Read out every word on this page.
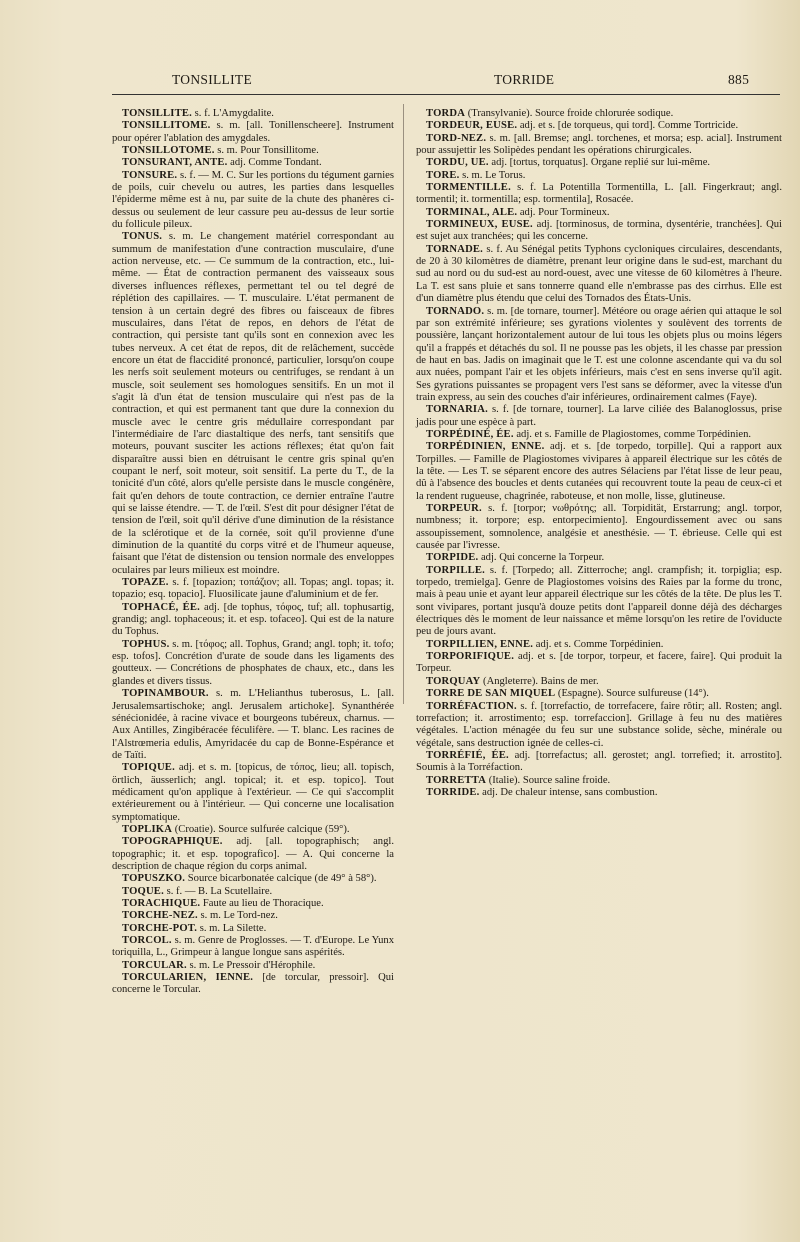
TONSILLITE	TORRIDE	885

TONSILLITE. s. f. L'Amygdalite.

TONSILLITOME. s. m. [all. Tonillenscheere]. Instrument pour opérer l'ablation des amygdales.

TONSILLOTOME. s. m. Pour Tonsillitome.

TONSURANT, ANTE. adj. Comme Tondant.

TONSURE. s. f. — M. C. Sur les portions du tégument garnies de poils, cuir chevelu ou autres, les parties dans lesquelles l'épiderme même est à nu, par suite de la chute des phanères ci-dessus ou seulement de leur cassure peu au-dessus de leur sortie du follicule pileux.

TONUS. s. m. Le changement matériel correspondant au summum de manifestation d'une contraction musculaire, d'une action nerveuse, etc. — Ce summum de la contraction, etc., lui-même. — État de contraction permanent des vaisseaux sous diverses influences réflexes, permettant tel ou tel degré de réplétion des capillaires. — T. musculaire. L'état permanent de tension à un certain degré des fibres ou faisceaux de fibres musculaires, dans l'état de repos, en dehors de l'état de contraction, qui persiste tant qu'ils sont en connexion avec les tubes nerveux. A cet état de repos, dit de relâchement, succède encore un état de flaccidité prononcé, particulier, lorsqu'on coupe les nerfs soit seulement moteurs ou centrifuges, se rendant à un muscle, soit seulement ses homologues sensitifs. En un mot il s'agit là d'un état de tension musculaire qui n'est pas de la contraction, et qui est permanent tant que dure la connexion du muscle avec le centre gris médullaire correspondant par l'intermédiaire de l'arc diastaltique des nerfs, tant sensitifs que moteurs, pouvant susciter les actions réflexes; état qu'on fait disparaître aussi bien en détruisant le centre gris spinal qu'en coupant le nerf, soit moteur, soit sensitif. La perte du T., de la tonicité d'un côté, alors qu'elle persiste dans le muscle congénère, fait qu'en dehors de toute contraction, ce dernier entraîne l'autre qui se laisse étendre. — T. de l'œil. S'est dit pour désigner l'état de tension de l'œil, soit qu'il dérive d'une diminution de la résistance de la sclérotique et de la cornée, soit qu'il provienne d'une diminution de la quantité du corps vitré et de l'humeur aqueuse, faisant que l'état de distension ou tension normale des enveloppes oculaires par leurs milieux est moindre.

TOPAZE. s. f. [topazion; τοπάζιον; all. Topas; angl. topas; it. topazio; esq. topacio]. Fluosilicate jaune d'aluminium et de fer.

TOPHACÉ, ÉE. adj. [de tophus, τόφος, tuf; all. tophusartig, grandig; angl. tophaceous; it. et esp. tofaceo]. Qui est de la nature du Tophus.

TOPHUS. s. m. [τόφος; all. Tophus, Grand; angl. toph; it. tofo; esp. tofos]. Concrétion d'urate de soude dans les ligaments des goutteux. — Concrétions de phosphates de chaux, etc., dans les glandes et divers tissus.

TOPINAMBOUR. s. m. L'Helianthus tuberosus, L. [all. Jerusalemsartischoke; angl. Jerusalem artichoke]. Synanthérée sénécionidée, à racine vivace et bourgeons tubéreux, charnus. — Aux Antilles, Zingibéracée féculifère. — T. blanc. Les racines de l'Alstrœmeria edulis, Amyridacée du cap de Bonne-Espérance et de Taïti.

TOPIQUE. adj. et s. m. [topicus, de τόπος, lieu; all. topisch, örtlich, äusserlich; angl. topical; it. et esp. topico]. Tout médicament qu'on applique à l'extérieur. — Ce qui s'accomplit extérieurement ou à l'intérieur. — Qui concerne une localisation symptomatique.

TOPLIKA (Croatie). Source sulfurée calcique (59°).

TOPOGRAPHIQUE. adj. [all. topographisch; angl. topographic; it. et esp. topografico]. — A. Qui concerne la description de chaque région du corps animal.

TOPUSZKO. Source bicarbonatée calcique (de 49° à 58°).

TOQUE. s. f. — B. La Scutellaire.

TORACHIQUE. Faute au lieu de Thoracique.

TORCHE-NEZ. s. m. Le Tord-nez.

TORCHE-POT. s. m. La Silette.

TORCOL. s. m. Genre de Proglosses. — T. d'Europe. Le Yunx toriquilla, L., Grimpeur à langue longue sans aspérités.

TORCULAR. s. m. Le Pressoir d'Hérophile.

TORCULARIEN, IENNE. [de torcular, pressoir]. Qui concerne le Torcular.

TORDA (Transylvanie). Source froide chlorurée sodique.

TORDEUR, EUSE. adj. et s. [de torqueus, qui tord]. Comme Tortricide.

TORD-NEZ. s. m. [all. Bremse; angl. torchenes, et morsa; esp. acial]. Instrument pour assujettir les Solipèdes pendant les opérations chirurgicales.

TORDU, UE. adj. [tortus, torquatus]. Organe replié sur lui-même.

TORE. s. m. Le Torus.

TORMENTILLE. s. f. La Potentilla Tormentilla, L. [all. Fingerkraut; angl. tormentil; it. tormentilla; esp. tormentila], Rosacée.

TORMINAL, ALE. adj. Pour Tormineux.

TORMINEUX, EUSE. adj. [torminosus, de tormina, dysentérie, tranchées]. Qui est sujet aux tranchées; qui les concerne.

TORNADE. s. f. Au Sénégal petits Typhons cycloniques circulaires, descendants, de 20 à 30 kilomètres de diamètre, prenant leur origine dans le sud-est, marchant du sud au nord ou du sud-est au nord-ouest, avec une vitesse de 60 kilomètres à l'heure. La T. est sans pluie et sans tonnerre quand elle n'embrasse pas des cirrhus. Elle est d'un diamètre plus étendu que celui des Tornados des États-Unis.

TORNADO. s. m. [de tornare, tourner]. Météore ou orage aérien qui attaque le sol par son extrémité inférieure; ses gyrations violentes y soulèvent des torrents de poussière, lançant horizontalement autour de lui tous les objets plus ou moins légers qu'il a frappés et détachés du sol. Il ne pousse pas les objets, il les chasse par pression de haut en bas. Jadis on imaginait que le T. est une colonne ascendante qui va du sol aux nuées, pompant l'air et les objets inférieurs, mais c'est en sens inverse qu'il agit. Ses gyrations puissantes se propagent vers l'est sans se déformer, avec la vitesse d'un train express, au sein des couches d'air inférieures, ordinairement calmes (Faye).

TORNARIA. s. f. [de tornare, tourner]. La larve ciliée des Balanoglossus, prise jadis pour une espèce à part.

TORPÉDINÉ, ÉE. adj. et s. Famille de Plagiostomes, comme Torpédinien.

TORPÉDINIEN, ENNE. adj. et s. [de torpedo, torpille]. Qui a rapport aux Torpilles. — Famille de Plagiostomes vivipares à appareil électrique sur les côtés de la tête. — Les T. se séparent encore des autres Sélaciens par l'état lisse de leur peau, dû à l'absence des boucles et dents cutanées qui recouvrent toute la peau de ceux-ci et la rendent rugueuse, chagrinée, raboteuse, et non molle, lisse, glutineuse.

TORPEUR. s. f. [torpor; νωθρότης; all. Torpidität, Erstarrung; angl. torpor, numbness; it. torpore; esp. entorpecimiento]. Engourdissement avec ou sans assoupissement, somnolence, analgésie et anesthésie. — T. ébrieuse. Celle qui est causée par l'ivresse.

TORPIDE. adj. Qui concerne la Torpeur.

TORPILLE. s. f. [Torpedo; all. Zitterroche; angl. crampfish; it. torpiglia; esp. torpedo, tremielga]. Genre de Plagiostomes voisins des Raies par la forme du tronc, mais à peau unie et ayant leur appareil électrique sur les côtés de la tête. De plus les T. sont vivipares, portant jusqu'à douze petits dont l'appareil donne déjà des décharges électriques dès le moment de leur naissance et même lorsqu'on les retire de l'oviducte peu de jours avant.

TORPILLIEN, ENNE. adj. et s. Comme Torpédinien.

TORPORIFIQUE. adj. et s. [de torpor, torpeur, et facere, faire]. Qui produit la Torpeur.

TORQUAY (Angleterre). Bains de mer.

TORRE DE SAN MIQUEL (Espagne). Source sulfureuse (14°).

TORRÉFACTION. s. f. [torrefactio, de torrefacere, faire rôtir; all. Rosten; angl. torrefaction; it. arrostimento; esp. torrefaccion]. Grillage à feu nu des matières végétales. L'action ménagée du feu sur une substance solide, sèche, minérale ou végétale, sans destruction ignée de celles-ci.

TORRÉFIÉ, ÉE. adj. [torrefactus; all. gerostet; angl. torrefied; it. arrostito]. Soumis à la Torréfaction.

TORRETTA (Italie). Source saline froide.

TORRIDE. adj. De chaleur intense, sans combustion.
